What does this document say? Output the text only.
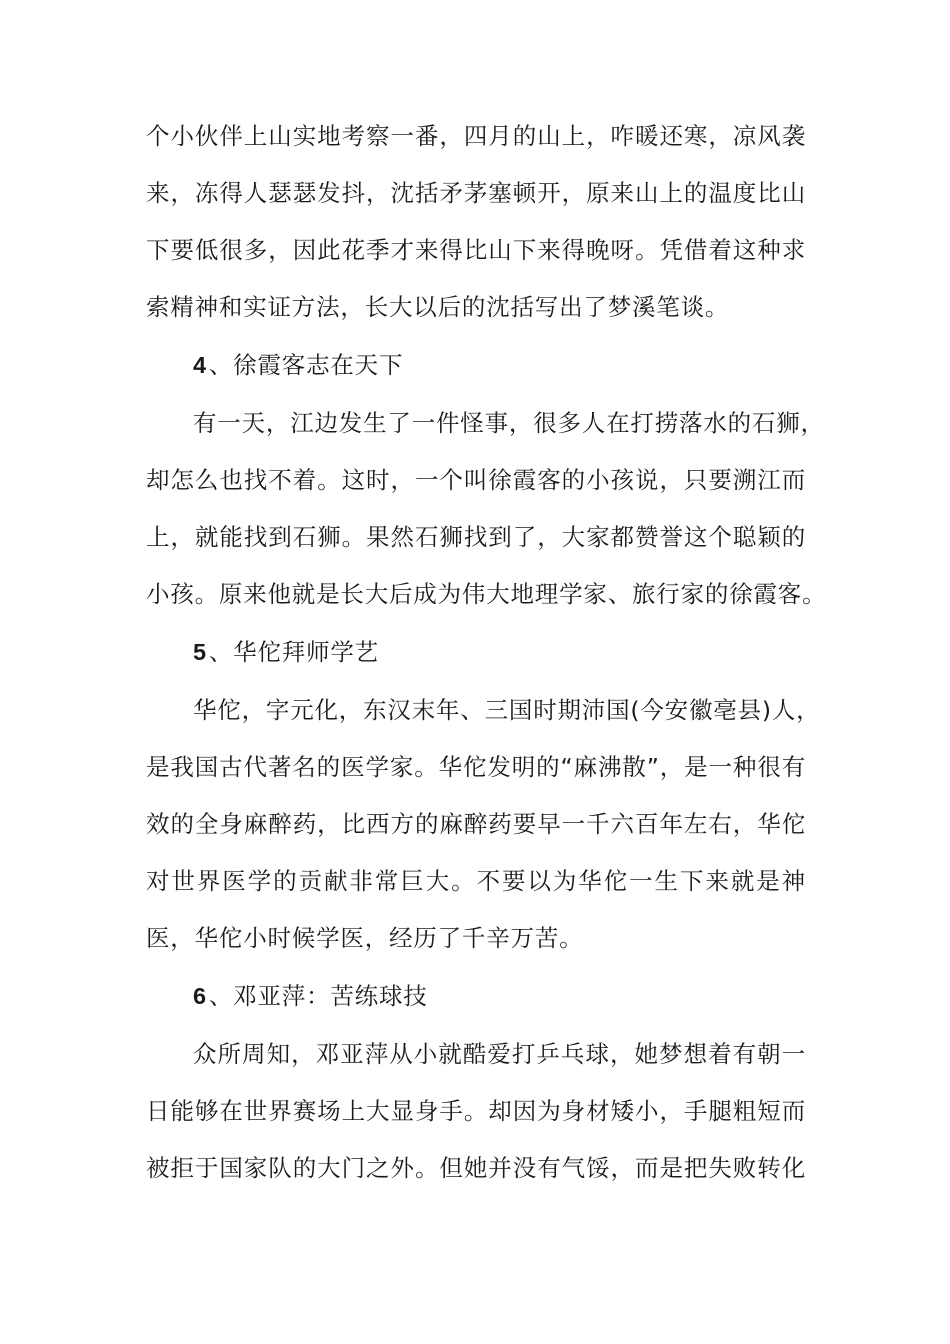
个小伙伴上山实地考察一番，四月的山上，咋暖还寒，凉风袭
来，冻得人瑟瑟发抖，沈括矛茅塞顿开，原来山上的温度比山
下要低很多，因此花季才来得比山下来得晚呀。凭借着这种求
索精神和实证方法，长大以后的沈括写出了梦溪笔谈。
4、徐霞客志在天下
有一天，江边发生了一件怪事，很多人在打捞落水的石狮，
却怎么也找不着。这时，一个叫徐霞客的小孩说，只要溯江而
上，就能找到石狮。果然石狮找到了，大家都赞誉这个聪颖的
小孩。原来他就是长大后成为伟大地理学家、旅行家的徐霞客。
5、华佗拜师学艺
华佗，字元化，东汉末年、三国时期沛国(今安徽亳县)人，
是我国古代著名的医学家。华佗发明的“麻沸散”，是一种很有
效的全身麻醉药，比西方的麻醉药要早一千六百年左右，华佗
对世界医学的贡献非常巨大。不要以为华佗一生下来就是神
医，华佗小时候学医，经历了千辛万苦。
6、邓亚萍：苦练球技
众所周知，邓亚萍从小就酷爱打乒乓球，她梦想着有朝一
日能够在世界赛场上大显身手。却因为身材矮小，手腿粗短而
被拒于国家队的大门之外。但她并没有气馁，而是把失败转化
